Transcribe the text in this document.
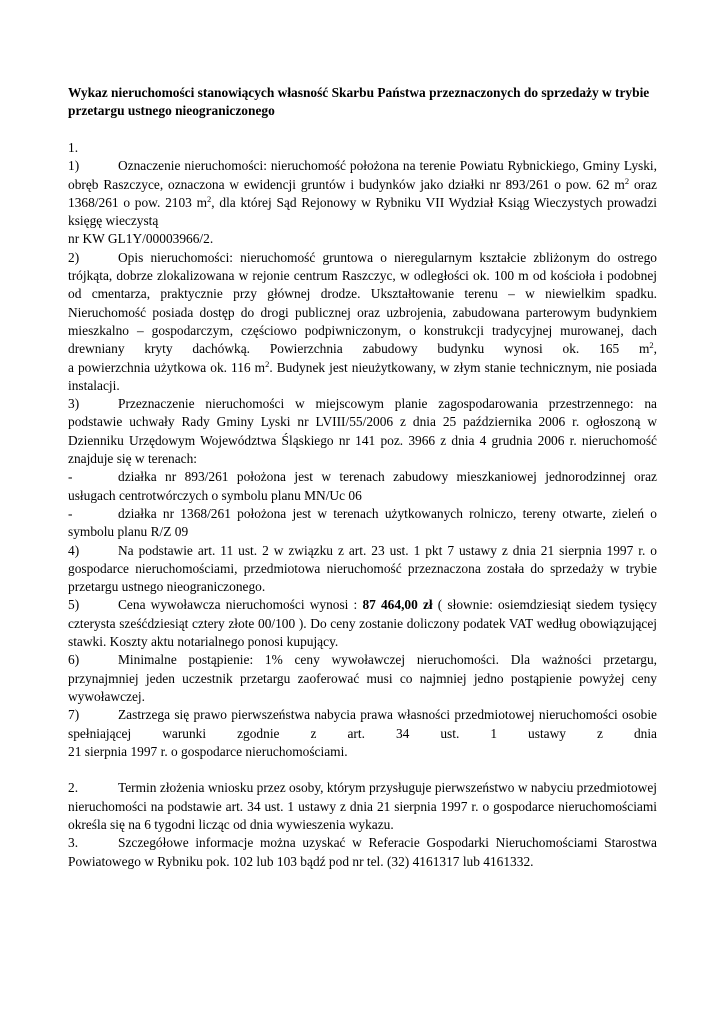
Wykaz nieruchomości stanowiących własność Skarbu Państwa przeznaczonych do sprzedaży w trybie przetargu ustnego nieograniczonego

1.

1)	Oznaczenie nieruchomości: nieruchomość położona na terenie Powiatu Rybnickiego, Gminy Lyski, obręb Raszczyce, oznaczona w ewidencji gruntów i budynków jako działki nr 893/261 o pow. 62 $m^2$ oraz 1368/261 o pow. 2103 $m^2$, dla której Sąd Rejonowy w Rybniku VII Wydział Ksiąg Wieczystych prowadzi księgę wieczystą

nr KW GL1Y/00003966/2.

2)	Opis nieruchomości: nieruchomość gruntowa o nieregularnym kształcie zbliżonym do ostrego trójkąta, dobrze zlokalizowana w rejonie centrum Raszczyc, w odległości ok. 100 m od kościoła i podobnej od cmentarza, praktycznie przy głównej drodze. Ukształtowanie terenu – w niewielkim spadku. Nieruchomość posiada dostęp do drogi publicznej oraz uzbrojenia, zabudowana parterowym budynkiem mieszkalno – gospodarczym, częściowo podpiwniczonym, o konstrukcji tradycyjnej murowanej, dach drewniany kryty dachówką. Powierzchnia zabudowy budynku wynosi ok. 165 $m^2$,

a powierzchnia użytkowa ok. 116 $m^2$. Budynek jest nieużytkowany, w złym stanie technicznym, nie posiada instalacji.

3)	Przeznaczenie nieruchomości w miejscowym planie zagospodarowania przestrzennego: na podstawie uchwały Rady Gminy Lyski nr LVIII/55/2006 z dnia 25 października 2006 r. ogłoszoną w Dzienniku Urzędowym Województwa Śląskiego nr 141 poz. 3966 z dnia 4 grudnia 2006 r. nieruchomość znajduje się w terenach:

-	działka nr 893/261 położona jest w terenach zabudowy mieszkaniowej jednorodzinnej oraz usługach centrotwórczych o symbolu planu MN/Uc 06

-	działka nr 1368/261 położona jest w terenach użytkowanych rolniczo, tereny otwarte, zieleń o symbolu planu R/Z 09

4)	Na podstawie art. 11 ust. 2 w związku z art. 23 ust. 1 pkt 7 ustawy z dnia 21 sierpnia 1997 r. o gospodarce nieruchomościami, przedmiotowa nieruchomość przeznaczona została do sprzedaży w trybie przetargu ustnego nieograniczonego.

5)	Cena wywoławcza nieruchomości wynosi : 87 464,00 zł ( słownie: osiemdziesiąt siedem tysięcy czterysta sześćdziesiąt cztery złote 00/100 ). Do ceny zostanie doliczony podatek VAT według obowiązującej stawki. Koszty aktu notarialnego ponosi kupujący.

6)	Minimalne postąpienie: 1% ceny wywoławczej nieruchomości. Dla ważności przetargu, przynajmniej jeden uczestnik przetargu zaoferować musi co najmniej jedno postąpienie powyżej ceny wywoławczej.

7)	Zastrzega się prawo pierwszeństwa nabycia prawa własności przedmiotowej nieruchomości osobie spełniającej warunki zgodnie z art. 34 ust. 1 ustawy z dnia

21 sierpnia 1997 r. o gospodarce nieruchomościami.

2.	Termin złożenia wniosku przez osoby, którym przysługuje pierwszeństwo w nabyciu przedmiotowej nieruchomości na podstawie art. 34 ust. 1 ustawy z dnia 21 sierpnia 1997 r. o gospodarce nieruchomościami określa się na 6 tygodni licząc od dnia wywieszenia wykazu.

3.	Szczegółowe informacje można uzyskać w Referacie Gospodarki Nieruchomościami Starostwa Powiatowego w Rybniku pok. 102 lub 103 bądź pod nr tel. (32) 4161317 lub 4161332.
